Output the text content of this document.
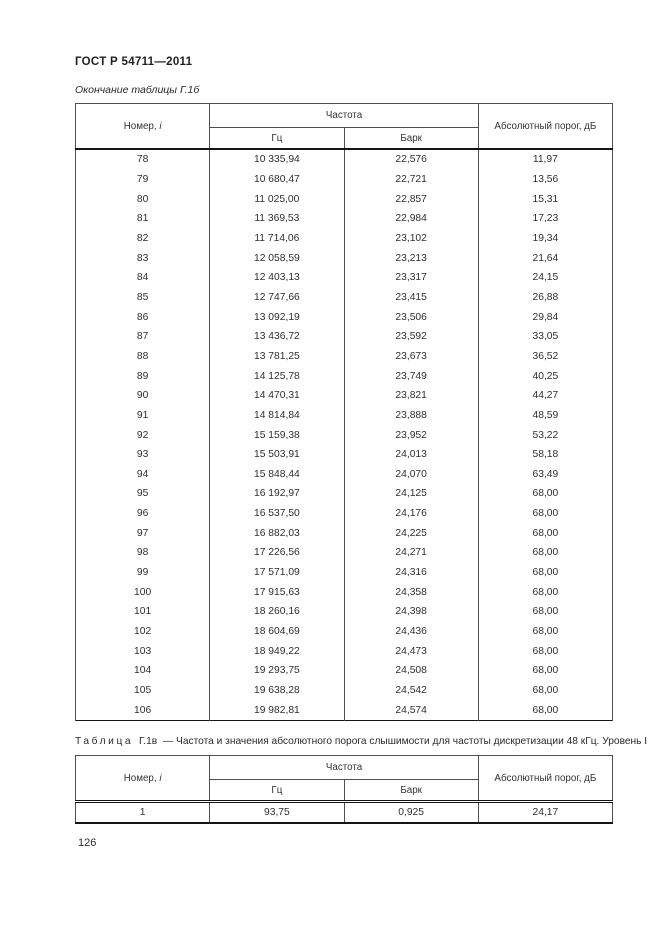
ГОСТ Р 54711—2011
Окончание таблицы Г.1б
Номер, i	Частота		Абсолютный порог, дБ
	Гц	Барк	
78	10 335,94	22,576	11,97
79	10 680,47	22,721	13,56
80	11 025,00	22,857	15,31
81	11 369,53	22,984	17,23
82	11 714,06	23,102	19,34
83	12 058,59	23,213	21,64
84	12 403,13	23,317	24,15
85	12 747,66	23,415	26,88
86	13 092,19	23,506	29,84
87	13 436,72	23,592	33,05
88	13 781,25	23,673	36,52
89	14 125,78	23,749	40,25
90	14 470,31	23,821	44,27
91	14 814,84	23,888	48,59
92	15 159,38	23,952	53,22
93	15 503,91	24,013	58,18
94	15 848,44	24,070	63,49
95	16 192,97	24,125	68,00
96	16 537,50	24,176	68,00
97	16 882,03	24,225	68,00
98	17 226,56	24,271	68,00
99	17 571,09	24,316	68,00
100	17 915,63	24,358	68,00
101	18 260,16	24,398	68,00
102	18 604,69	24,436	68,00
103	18 949,22	24,473	68,00
104	19 293,75	24,508	68,00
105	19 638,28	24,542	68,00
106	19 982,81	24,574	68,00
Таблица Г.1в — Частота и значения абсолютного порога слышимости для частоты дискретизации 48 кГц. Уровень I
Номер, i	Частота		Абсолютный порог, дБ
	Гц	Барк	
1	93,75	0,925	24,17
126
